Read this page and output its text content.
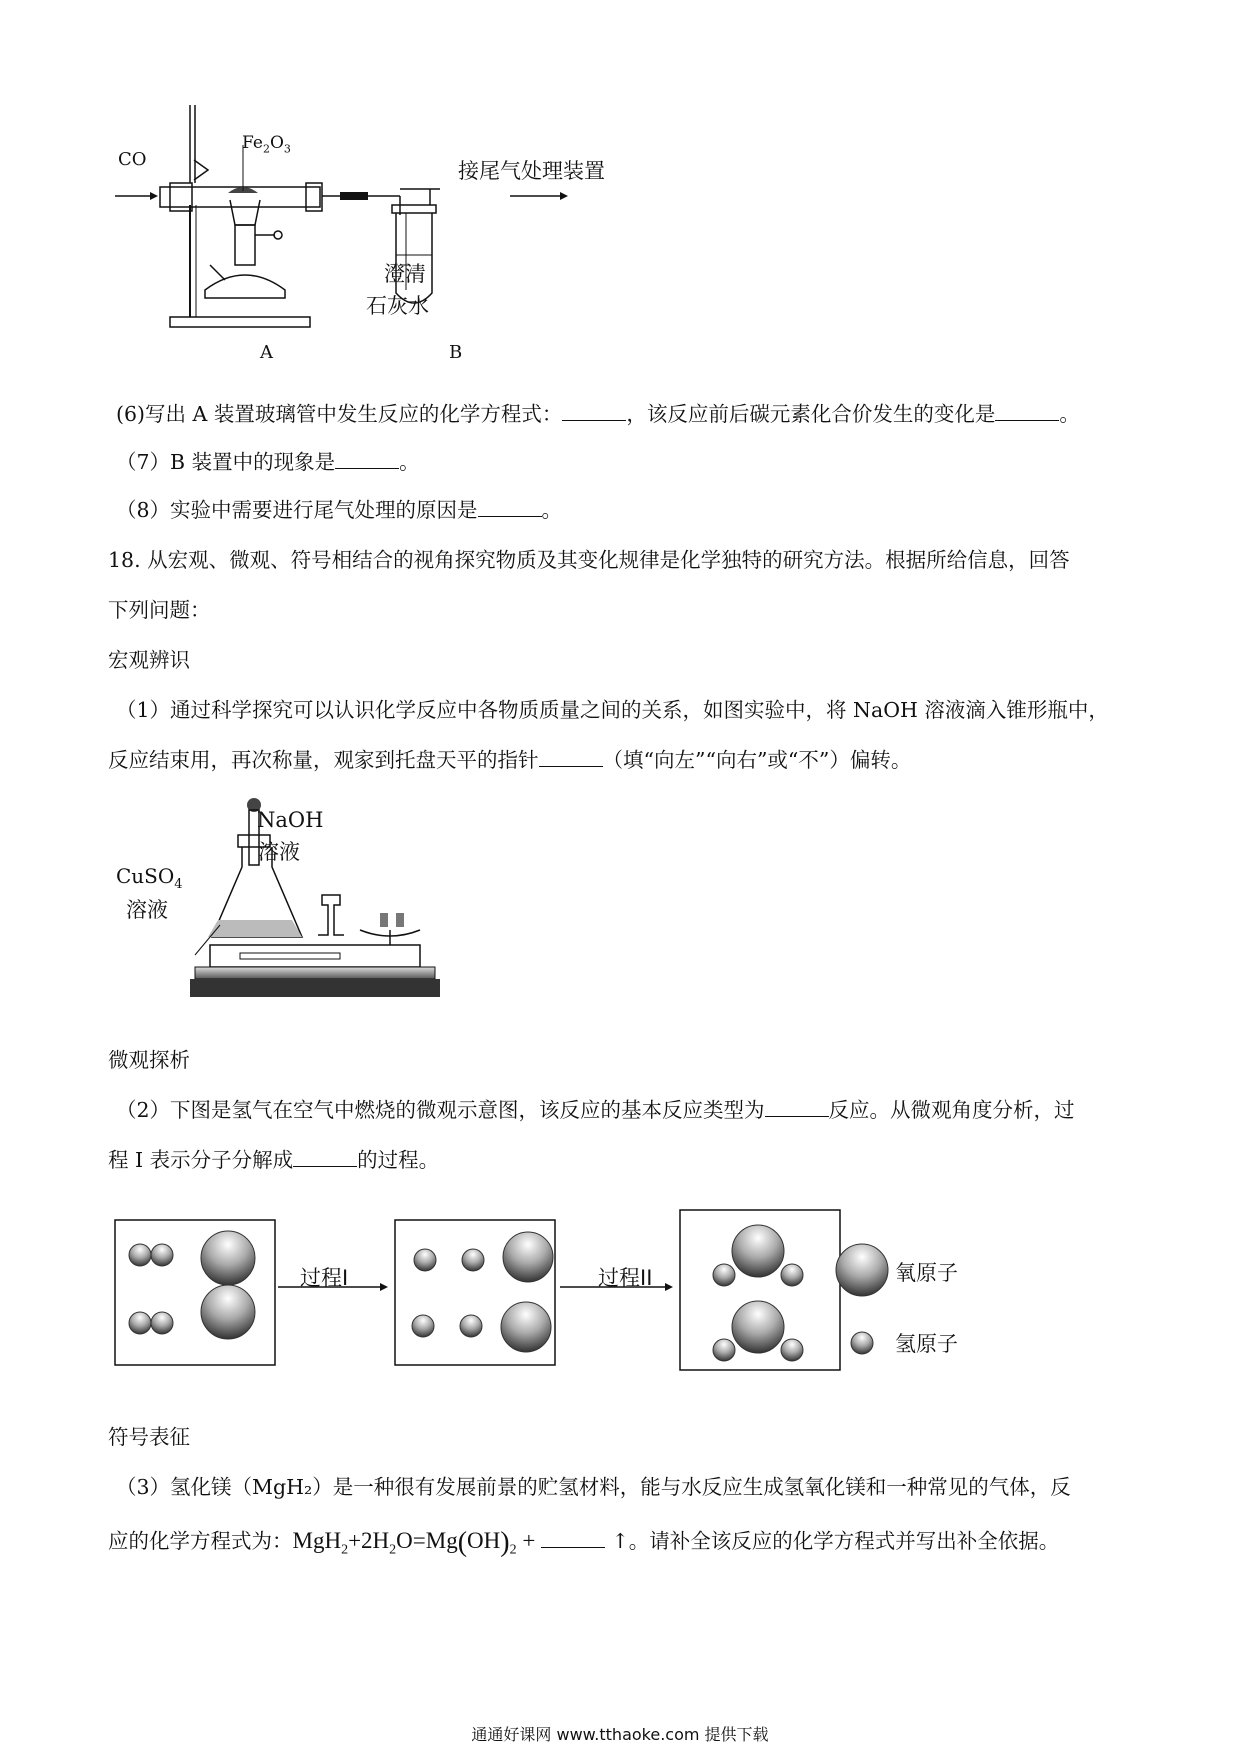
CO
$Fe_2O_3$
接尾气处理装置
澄清
石灰水
A	B
(6)写出 A 装置玻璃管中发生反应的化学方程式：	，该反应前后碳元素化合价发生的变化是	。
（7）B 装置中的现象是	。
（8）实验中需要进行尾气处理的原因是	。
18. 从宏观、微观、符号相结合的视角探究物质及其变化规律是化学独特的研究方法。根据所给信息，回答
下列问题：
宏观辨识
（1）通过科学探究可以认识化学反应中各物质质量之间的关系，如图实验中，将 NaOH 溶液滴入锥形瓶中，
反应结束用，再次称量，观家到托盘天平的指针	（填“向左”“向右”或“不”）偏转。
NaOH
溶液
CuSO$_4$
溶液
微观探析
（2）下图是氢气在空气中燃烧的微观示意图，该反应的基本反应类型为	反应。从微观角度分析，过
程 I 表示分子分解成	的过程。
过程I	过程II	氧原子
氢原子
符号表征
（3）氢化镁（MgH₂）是一种很有发展前景的贮氢材料，能与水反应生成氢氧化镁和一种常见的气体，反
应的化学方程式为：$MgH_2+2H_2O=Mg(OH)_2$ +	↑。请补全该反应的化学方程式并写出补全依据。
通通好课网 www.tthaoke.com 提供下载
